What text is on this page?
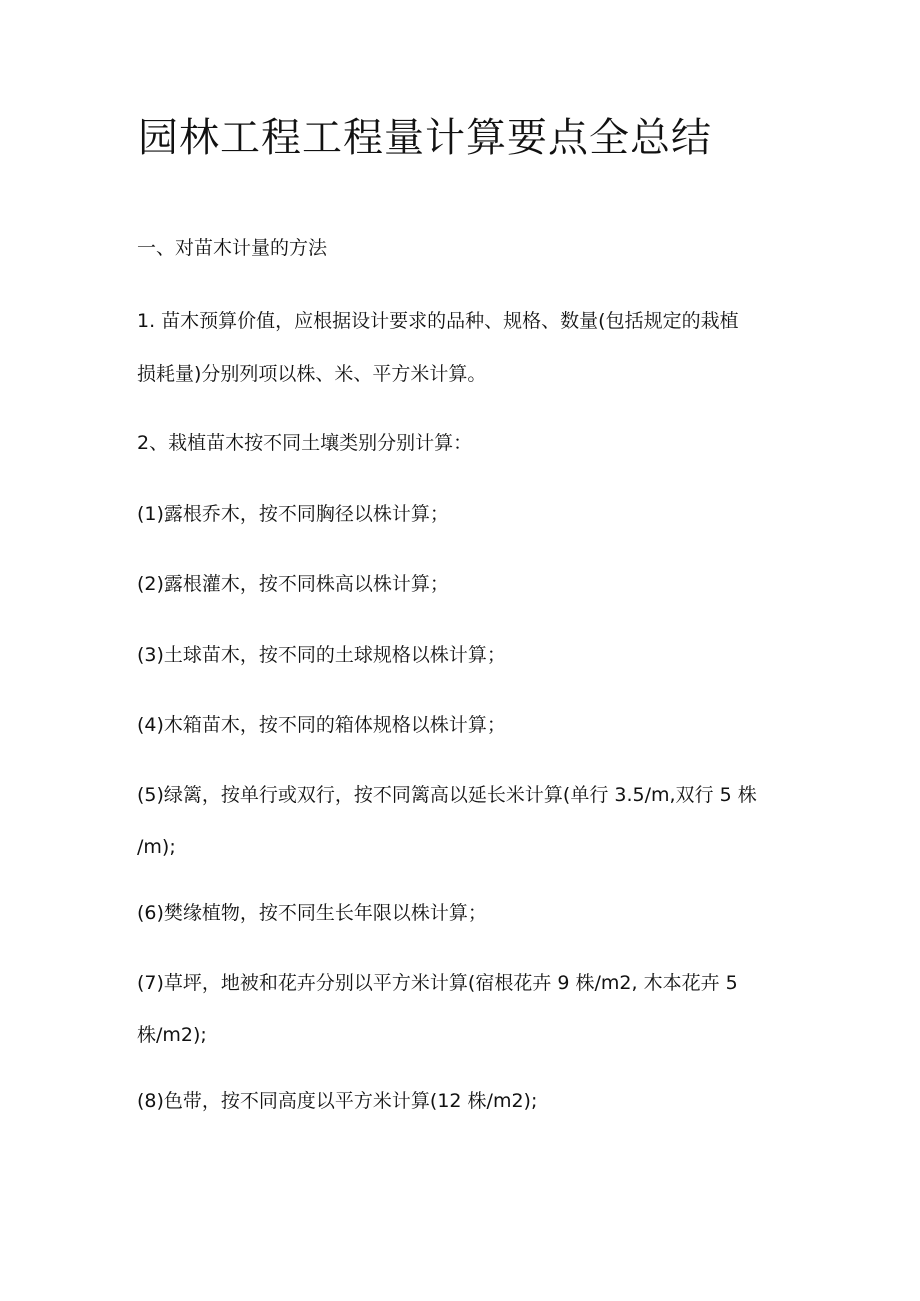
园林工程工程量计算要点全总结

一、对苗木计量的方法

1. 苗木预算价值，应根据设计要求的品种、规格、数量(包括规定的栽植
损耗量)分别列项以株、米、平方米计算。

2、栽植苗木按不同土壤类别分别计算：

(1)露根乔木，按不同胸径以株计算；

(2)露根灌木，按不同株高以株计算；

(3)土球苗木，按不同的土球规格以株计算；

(4)木箱苗木，按不同的箱体规格以株计算；

(5)绿篱，按单行或双行，按不同篱高以延长米计算(单行 3.5/m,双行 5 株
/m);

(6)樊缘植物，按不同生长年限以株计算；

(7)草坪，地被和花卉分别以平方米计算(宿根花卉 9 株/m2, 木本花卉 5
株/m2);

(8)色带，按不同高度以平方米计算(12 株/m2);
